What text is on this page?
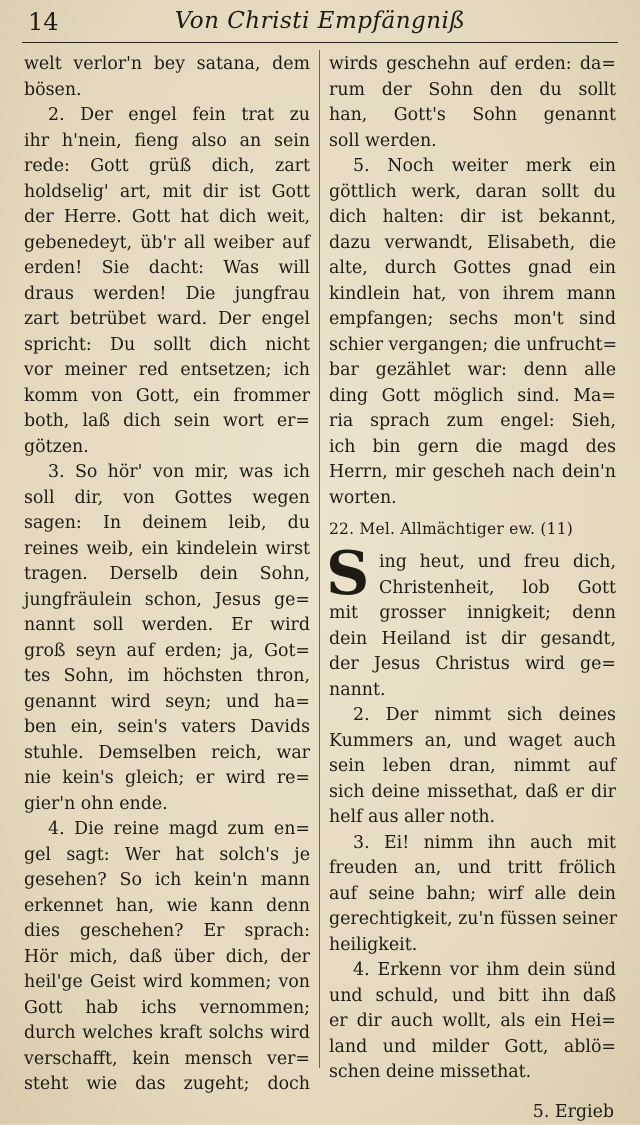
14	Von Christi Empfängniß
welt verlor'n bey satana, dem
bösen.
2. Der engel fein trat zu
ihr h'nein, fieng also an sein
rede: Gott grüß dich, zart
holdselig' art, mit dir ist Gott
der Herre. Gott hat dich weit,
gebenedeyt, üb'r all weiber auf
erden! Sie dacht: Was will
draus werden! Die jungfrau
zart betrübet ward. Der engel
spricht: Du sollt dich nicht
vor meiner red entsetzen; ich
komm von Gott, ein frommer
both, laß dich sein wort er=
götzen.
3. So hör' von mir, was ich
soll dir, von Gottes wegen
sagen: In deinem leib, du
reines weib, ein kindelein wirst
tragen. Derselb dein Sohn,
jungfräulein schon, Jesus ge=
nannt soll werden. Er wird
groß seyn auf erden; ja, Got=
tes Sohn, im höchsten thron,
genannt wird seyn; und ha=
ben ein, sein's vaters Davids
stuhle. Demselben reich, war
nie kein's gleich; er wird re=
gier'n ohn ende.
4. Die reine magd zum en=
gel sagt: Wer hat solch's je
gesehen? So ich kein'n mann
erkennet han, wie kann denn
dies geschehen? Er sprach:
Hör mich, daß über dich, der
heil'ge Geist wird kommen; von
Gott hab ichs vernommen;
durch welches kraft solchs wird
verschafft, kein mensch ver=
steht wie das zugeht; doch
wirds geschehn auf erden: da=
rum der Sohn den du sollt
han, Gott's Sohn genannt
soll werden.
5. Noch weiter merk ein
göttlich werk, daran sollt du
dich halten: dir ist bekannt,
dazu verwandt, Elisabeth, die
alte, durch Gottes gnad ein
kindlein hat, von ihrem mann
empfangen; sechs mon't sind
schier vergangen; die unfrucht=
bar gezählet war: denn alle
ding Gott möglich sind. Ma=
ria sprach zum engel: Sieh,
ich bin gern die magd des
Herrn, mir gescheh nach dein'n
worten.
22. Mel. Allmächtiger ew. (11)
S ing heut, und freu dich,
Christenheit, lob Gott
mit grosser innigkeit; denn
dein Heiland ist dir gesandt,
der Jesus Christus wird ge=
nannt.
2. Der nimmt sich deines
Kummers an, und waget auch
sein leben dran, nimmt auf
sich deine missethat, daß er dir
helf aus aller noth.
3. Ei! nimm ihn auch mit
freuden an, und tritt frölich
auf seine bahn; wirf alle dein
gerechtigkeit, zu'n füssen seiner
heiligkeit.
4. Erkenn vor ihm dein sünd
und schuld, und bitt ihn daß
er dir auch wollt, als ein Hei=
land und milder Gott, ablö=
schen deine missethat.
5. Ergieb
